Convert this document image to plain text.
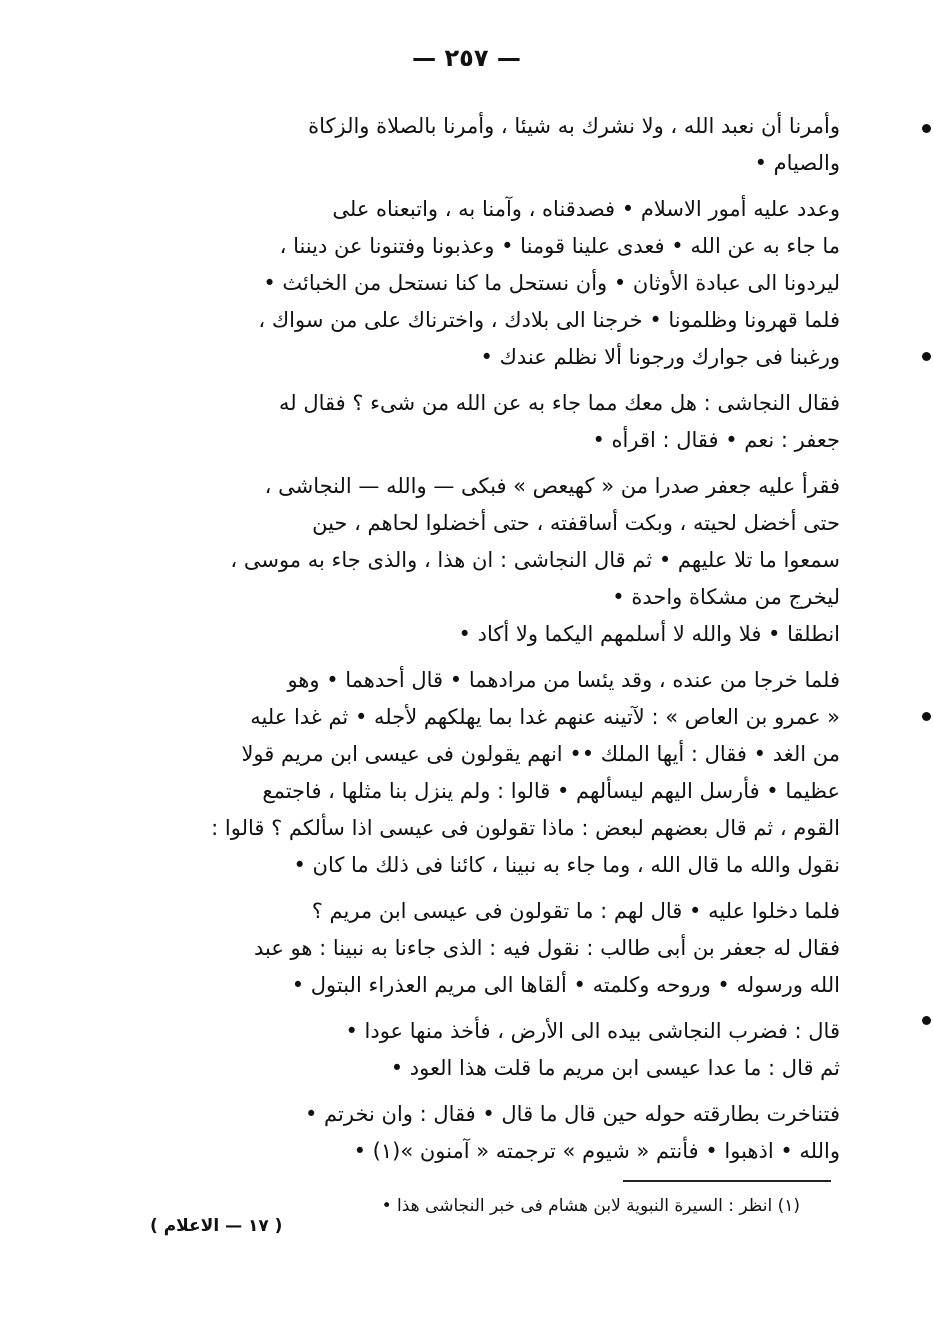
— ٢٥٧ —

وأمرنا أن نعبد الله ، ولا نشرك به شيئا ، وأمرنا بالصلاة والزكاة
والصيام •

وعدد عليه أمور الاسلام • فصدقناه ، وآمنا به ، واتبعناه على
ما جاء به عن الله • فعدى علينا قومنا • وعذبونا وفتنونا عن ديننا ،
ليردونا الى عبادة الأوثان • وأن نستحل ما كنا نستحل من الخبائث •
فلما قهرونا وظلمونا • خرجنا الى بلادك ، واخترناك على من سواك ،
ورغبنا فى جوارك ورجونا ألا نظلم عندك •

فقال النجاشى : هل معك مما جاء به عن الله من شىء ؟ فقال له
جعفر : نعم • فقال : اقرأه •

فقرأ عليه جعفر صدرا من « كهيعص » فبكى — والله — النجاشى ،
حتى أخضل لحيته ، وبكت أساقفته ، حتى أخضلوا لحاهم ، حين
سمعوا ما تلا عليهم • ثم قال النجاشى : ان هذا ، والذى جاء به موسى ،
ليخرج من مشكاة واحدة •
انطلقا • فلا والله لا أسلمهم اليكما ولا أكاد •

فلما خرجا من عنده ، وقد يئسا من مرادهما • قال أحدهما • وهو
« عمرو بن العاص » : لآتينه عنهم غدا بما يهلكهم لأجله • ثم غدا عليه
من الغد • فقال : أيها الملك •• انهم يقولون فى عيسى ابن مريم قولا
عظيما • فأرسل اليهم ليسألهم • قالوا : ولم ينزل بنا مثلها ، فاجتمع
القوم ، ثم قال بعضهم لبعض : ماذا تقولون فى عيسى اذا سألكم ؟ قالوا :
نقول والله ما قال الله ، وما جاء به نبينا ، كائنا فى ذلك ما كان •

فلما دخلوا عليه • قال لهم : ما تقولون فى عيسى ابن مريم ؟
فقال له جعفر بن أبى طالب : نقول فيه : الذى جاءنا به نبينا : هو عبد
الله ورسوله • وروحه وكلمته • ألقاها الى مريم العذراء البتول •

قال : فضرب النجاشى بيده الى الأرض ، فأخذ منها عودا •
ثم قال : ما عدا عيسى ابن مريم ما قلت هذا العود •

فتناخرت بطارقته حوله حين قال ما قال • فقال : وان نخرتم •
والله • اذهبوا • فأنتم « شيوم » ترجمته « آمنون »(١) •

(١) انظر : السيرة النبوية لابن هشام فى خبر النجاشى هذا •
( ١٧ — الاعلام )
